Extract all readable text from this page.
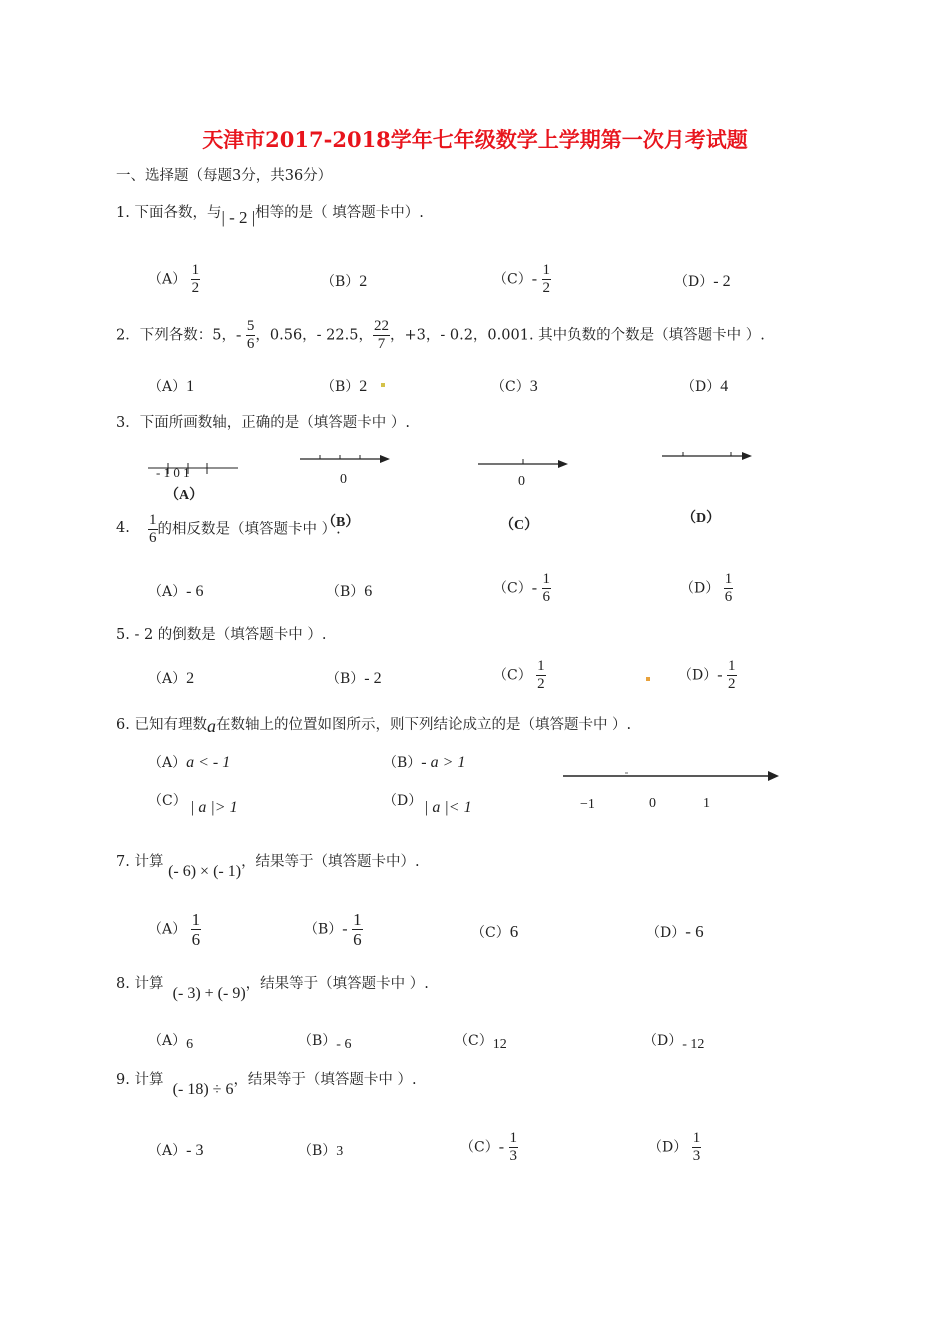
天津市2017-2018学年七年级数学上学期第一次月考试题
一、选择题（每题3分，共36分）
1. 下面各数，与| - 2 |相等的是（ 填答题卡中）.
$(A) \frac{1}{2}$	（B）2	$(C)- \frac{1}{2}$	（D）- 2
2．下列各数：5，- $\frac{5}{6}$ ，0.56，- 22.5， $\frac{22}{7}$ ，+3，- 0.2，0.001. 其中负数的个数是（填答题卡中 ）.
（A）1	（B）2	（C）3	（D）4
3．下面所画数轴，正确的是（填答题卡中 ）.
- 1 0 1
（A）
0
（B）
0
（C）	（D）
4. $\frac{1}{6}$ 的相反数是（填答题卡中 ）.
（A）- 6	（B）6	$(C)- \frac{1}{6}$	$(D) \frac{1}{6}$
5. - 2 的倒数是（填答题卡中 ）.
（A）2	（B）- 2	$(C) \frac{1}{2}$	$(D)- \frac{1}{2}$
6. 已知有理数a在数轴上的位置如图所示，则下列结论成立的是（填答题卡中 ）.
（A）a < - 1	（B）- a > 1
（C） | a |> 1	（D） | a |< 1	−1	0	1
7. 计算 (- 6) × (- 1)，结果等于（填答题卡中）.
$(A) \frac{1}{6}$	$(B)- \frac{1}{6}$	（C）6	（D）- 6
8. 计算  (- 3) + (- 9)，结果等于（填答题卡中 ）.
（A）6	（B）- 6	（C）12	（D）- 12
9. 计算  (- 18) ÷ 6，结果等于（填答题卡中 ）.
（A）- 3	（B）3	$(C)- \frac{1}{3}$	$(D) \frac{1}{3}$
